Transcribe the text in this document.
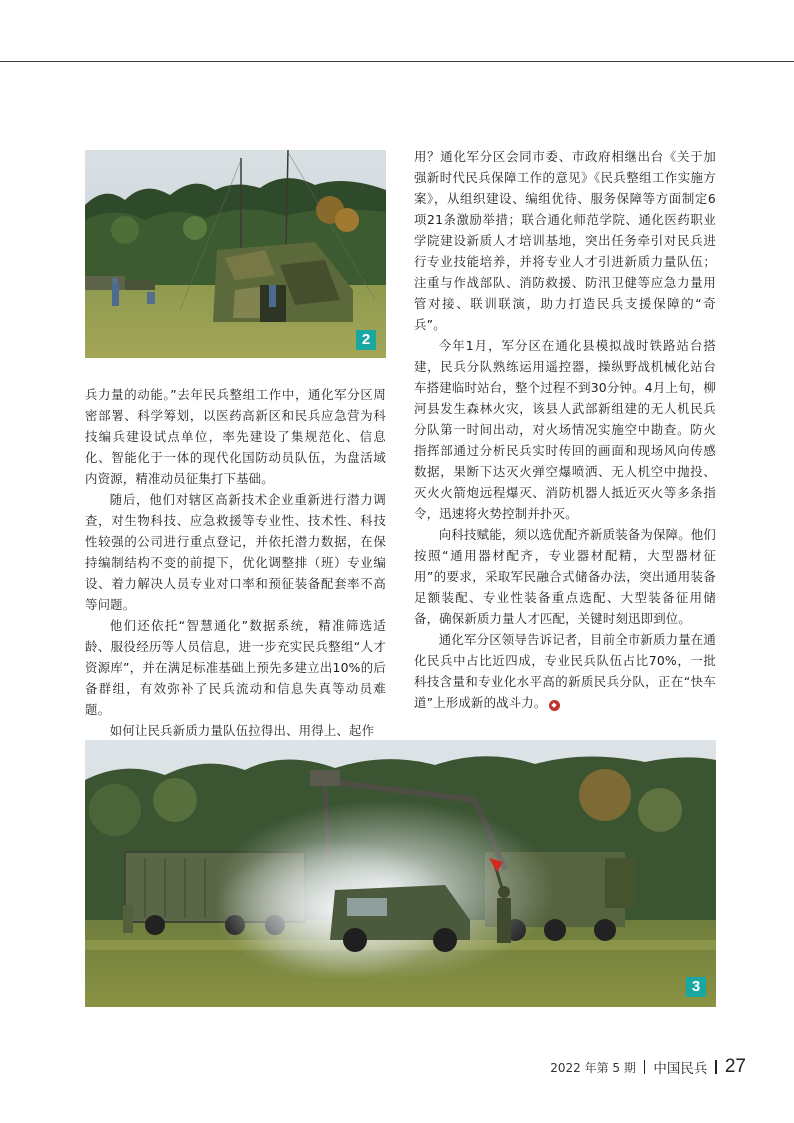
2

兵力量的动能。”去年民兵整组工作中，通化军分区周密部署、科学筹划，以医药高新区和民兵应急营为科技编兵建设试点单位，率先建设了集规范化、信息化、智能化于一体的现代化国防动员队伍，为盘活域内资源，精准动员征集打下基础。

随后，他们对辖区高新技术企业重新进行潜力调查，对生物科技、应急救援等专业性、技术性、科技性较强的公司进行重点登记，并依托潜力数据，在保持编制结构不变的前提下，优化调整排（班）专业编设、着力解决人员专业对口率和预征装备配套率不高等问题。

他们还依托“智慧通化”数据系统，精准筛选适龄、服役经历等人员信息，进一步充实民兵整组“人才资源库”，并在满足标准基础上预先多建立出10%的后备群组，有效弥补了民兵流动和信息失真等动员难题。

如何让民兵新质力量队伍拉得出、用得上、起作

用？通化军分区会同市委、市政府相继出台《关于加强新时代民兵保障工作的意见》《民兵整组工作实施方案》，从组织建设、编组优待、服务保障等方面制定6项21条激励举措；联合通化师范学院、通化医药职业学院建设新质人才培训基地，突出任务牵引对民兵进行专业技能培养，并将专业人才引进新质力量队伍；注重与作战部队、消防救援、防汛卫健等应急力量用管对接、联训联演，助力打造民兵支援保障的“奇兵”。

今年1月，军分区在通化县模拟战时铁路站台搭建，民兵分队熟练运用遥控器，操纵野战机械化站台车搭建临时站台，整个过程不到30分钟。4月上旬，柳河县发生森林火灾，该县人武部新组建的无人机民兵分队第一时间出动，对火场情况实施空中勘查。防火指挥部通过分析民兵实时传回的画面和现场风向传感数据，果断下达灭火弹空爆喷洒、无人机空中抛投、灭火火箭炮远程爆灭、消防机器人抵近灭火等多条指令，迅速将火势控制并扑灭。

向科技赋能，须以选优配齐新质装备为保障。他们按照“通用器材配齐，专业器材配精，大型器材征用”的要求，采取军民融合式储备办法，突出通用装备足额装配、专业性装备重点选配、大型装备征用储备，确保新质力量人才匹配，关键时刻迅即到位。

通化军分区领导告诉记者，目前全市新质力量在通化民兵中占比近四成，专业民兵队伍占比70%，一批科技含量和专业化水平高的新质民兵分队，正在“快车道”上形成新的战斗力。 ◆

3
2022 年第 5 期 中国民兵 27
